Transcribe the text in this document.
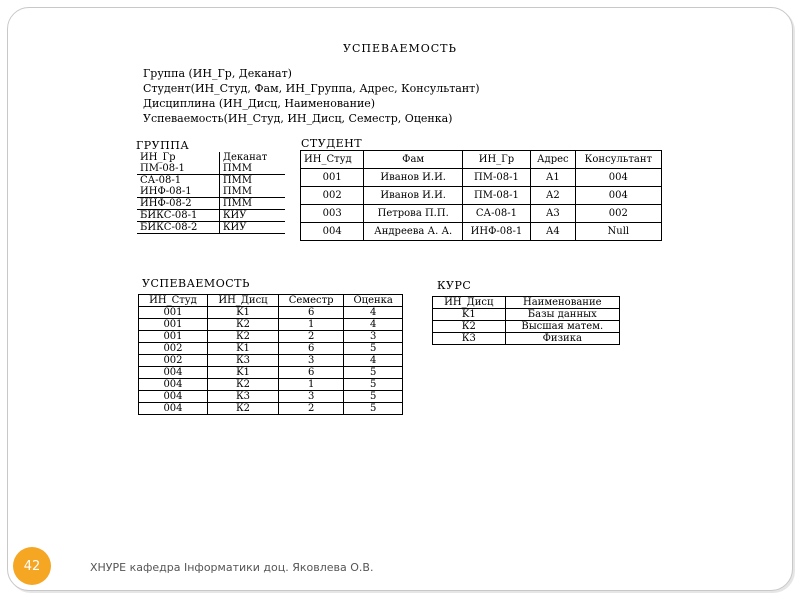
УСПЕВАЕМОСТЬ
Группа (ИН_Гр, Деканат)
Студент(ИН_Студ, Фам, ИН_Группа, Адрес, Консультант)
Дисциплина (ИН_Дисц, Наименование)
Успеваемость(ИН_Студ, ИН_Дисц, Семестр, Оценка)
ГРУППА
ИН_Гр	Деканат
ПМ-08-1	ПММ
СА-08-1	ПММ
ИНФ-08-1	ПММ
ИНФ-08-2	ПММ
БИКС-08-1	КИУ
БИКС-08-2	КИУ
СТУДЕНТ
ИН_Студ	Фам	ИН_Гр	Адрес	Консультант
001	Иванов И.И.	ПМ-08-1	А1	004
002	Иванов И.И.	ПМ-08-1	А2	004
003	Петрова П.П.	СА-08-1	А3	002
004	Андреева А. А.	ИНФ-08-1	А4	Null
УСПЕВАЕМОСТЬ
ИН_Студ	ИН_Дисц	Семестр	Оценка
001	K1	6	4
001	К2	1	4
001	К2	2	3
002	K1	6	5
002	К3	3	4
004	K1	6	5
004	К2	1	5
004	К3	3	5
004	К2	2	5
КУРС
ИН_Дисц	Наименование
K1	Базы данных
К2	Высшая матем.
К3	Физика
42	ХНУРЕ кафедра Інформатики доц. Яковлева О.В.
